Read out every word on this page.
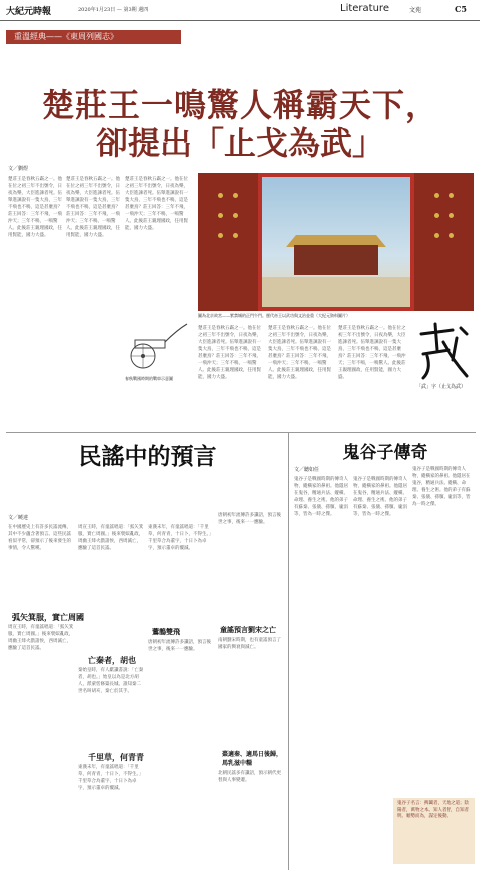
大紀元時報	2020年1月23日 — 第3期 週四	Literature	文苑	C5
重溫經典——《東周列國志》
楚莊王一鳴驚人稱霸天下，
卻提出「止戈為武」
文／劉煜
楚莊王是春秋五霸之一。他在位之初三年不出號令，日夜為樂，大臣進諫者死。伍舉進諫說有一隻大鳥，三年不飛也不鳴，這是甚麼鳥？莊王回答：三年不飛，一飛沖天；三年不鳴，一鳴驚人。此後莊王親理國政，任用賢能，國力大盛。
楚莊王是春秋五霸之一。他在位之初三年不出號令，日夜為樂，大臣進諫者死。伍舉進諫說有一隻大鳥，三年不飛也不鳴，這是甚麼鳥？莊王回答：三年不飛，一飛沖天；三年不鳴，一鳴驚人。此後莊王親理國政，任用賢能，國力大盛。
楚莊王是春秋五霸之一。他在位之初三年不出號令，日夜為樂，大臣進諫者死。伍舉進諫說有一隻大鳥，三年不飛也不鳴，這是甚麼鳥？莊王回答：三年不飛，一飛沖天；三年不鳴，一鳴驚人。此後莊王親理國政，任用賢能，國力大盛。
圖為北京故宮——紫禁城的正門午門。歷代帝王以武功與文治並重（大紀元資料圖片）
春秋戰國時期的戰車示意圖
楚莊王是春秋五霸之一。他在位之初三年不出號令，日夜為樂，大臣進諫者死。伍舉進諫說有一隻大鳥，三年不飛也不鳴，這是甚麼鳥？莊王回答：三年不飛，一飛沖天；三年不鳴，一鳴驚人。此後莊王親理國政，任用賢能，國力大盛。
楚莊王是春秋五霸之一。他在位之初三年不出號令，日夜為樂，大臣進諫者死。伍舉進諫說有一隻大鳥，三年不飛也不鳴，這是甚麼鳥？莊王回答：三年不飛，一飛沖天；三年不鳴，一鳴驚人。此後莊王親理國政，任用賢能，國力大盛。
楚莊王是春秋五霸之一。他在位之初三年不出號令，日夜為樂，大臣進諫者死。伍舉進諫說有一隻大鳥，三年不飛也不鳴，這是甚麼鳥？莊王回答：三年不飛，一飛沖天；三年不鳴，一鳴驚人。此後莊王親理國政，任用賢能，國力大盛。
「武」字（止戈為武）
民謠中的預言
文／曉達
在中國歷史上有許多民謠流傳，其中不少蘊含著預言。這些民謠看似平常，卻預示了後來發生的事情，令人驚嘆。
弧矢箕服，實亡周國
周宣王時，有童謠唱道：「弧矢箕服，實亡周國。」後來褒姒亂政，周幽王烽火戲諸侯，西周滅亡，應驗了這首民謠。
周宣王時，有童謠唱道：「弧矢箕服，實亡周國。」後來褒姒亂政，周幽王烽火戲諸侯，西周滅亡，應驗了這首民謠。
亡秦者，胡也
秦始皇時，有人獻讖書說：「亡秦者，胡也。」始皇以為是北方胡人，派蒙恬修築長城。誰知秦二世名叫胡亥，秦亡於其手。
千里草，何青青
東漢末年，有童謠唱道：「千里草，何青青，十日卜，不得生。」千里草合為董字，十日卜為卓字，預示董卓的覆滅。
東漢末年，有童謠唱道：「千里草，何青青，十日卜，不得生。」千里草合為董字，十日卜為卓字，預示董卓的覆滅。
鷰鵲雙飛
唐朝初年流傳許多讖語，預言後世之事，後來一一應驗。
唐朝初年流傳許多讖語，預言後世之事，後來一一應驗。
童謠預言劉宋之亡
南朝劉宋時期，也有童謠預言了國家的興衰與滅亡。
棗適秦、適馬日後歸，馬乳滋中糧
北朝民謠多有讖語，預示朝代更替與人事變遷。
鬼谷子傳奇
文／聽如任
鬼谷子是戰國時期的傳奇人物，縱橫家的鼻祖。他隱居在鬼谷，精通兵法、縱橫、命理、養生之術。他的弟子有蘇秦、張儀、孫臏、龐涓等，皆為一時之傑。
鬼谷子是戰國時期的傳奇人物，縱橫家的鼻祖。他隱居在鬼谷，精通兵法、縱橫、命理、養生之術。他的弟子有蘇秦、張儀、孫臏、龐涓等，皆為一時之傑。
鬼谷子是戰國時期的傳奇人物，縱橫家的鼻祖。他隱居在鬼谷，精通兵法、縱橫、命理、養生之術。他的弟子有蘇秦、張儀、孫臏、龐涓等，皆為一時之傑。

鬼谷子名言：捭闔者，天地之道；陰陽者，萬物之本。知人者智，自知者明。順勢而為，謀定後動。
